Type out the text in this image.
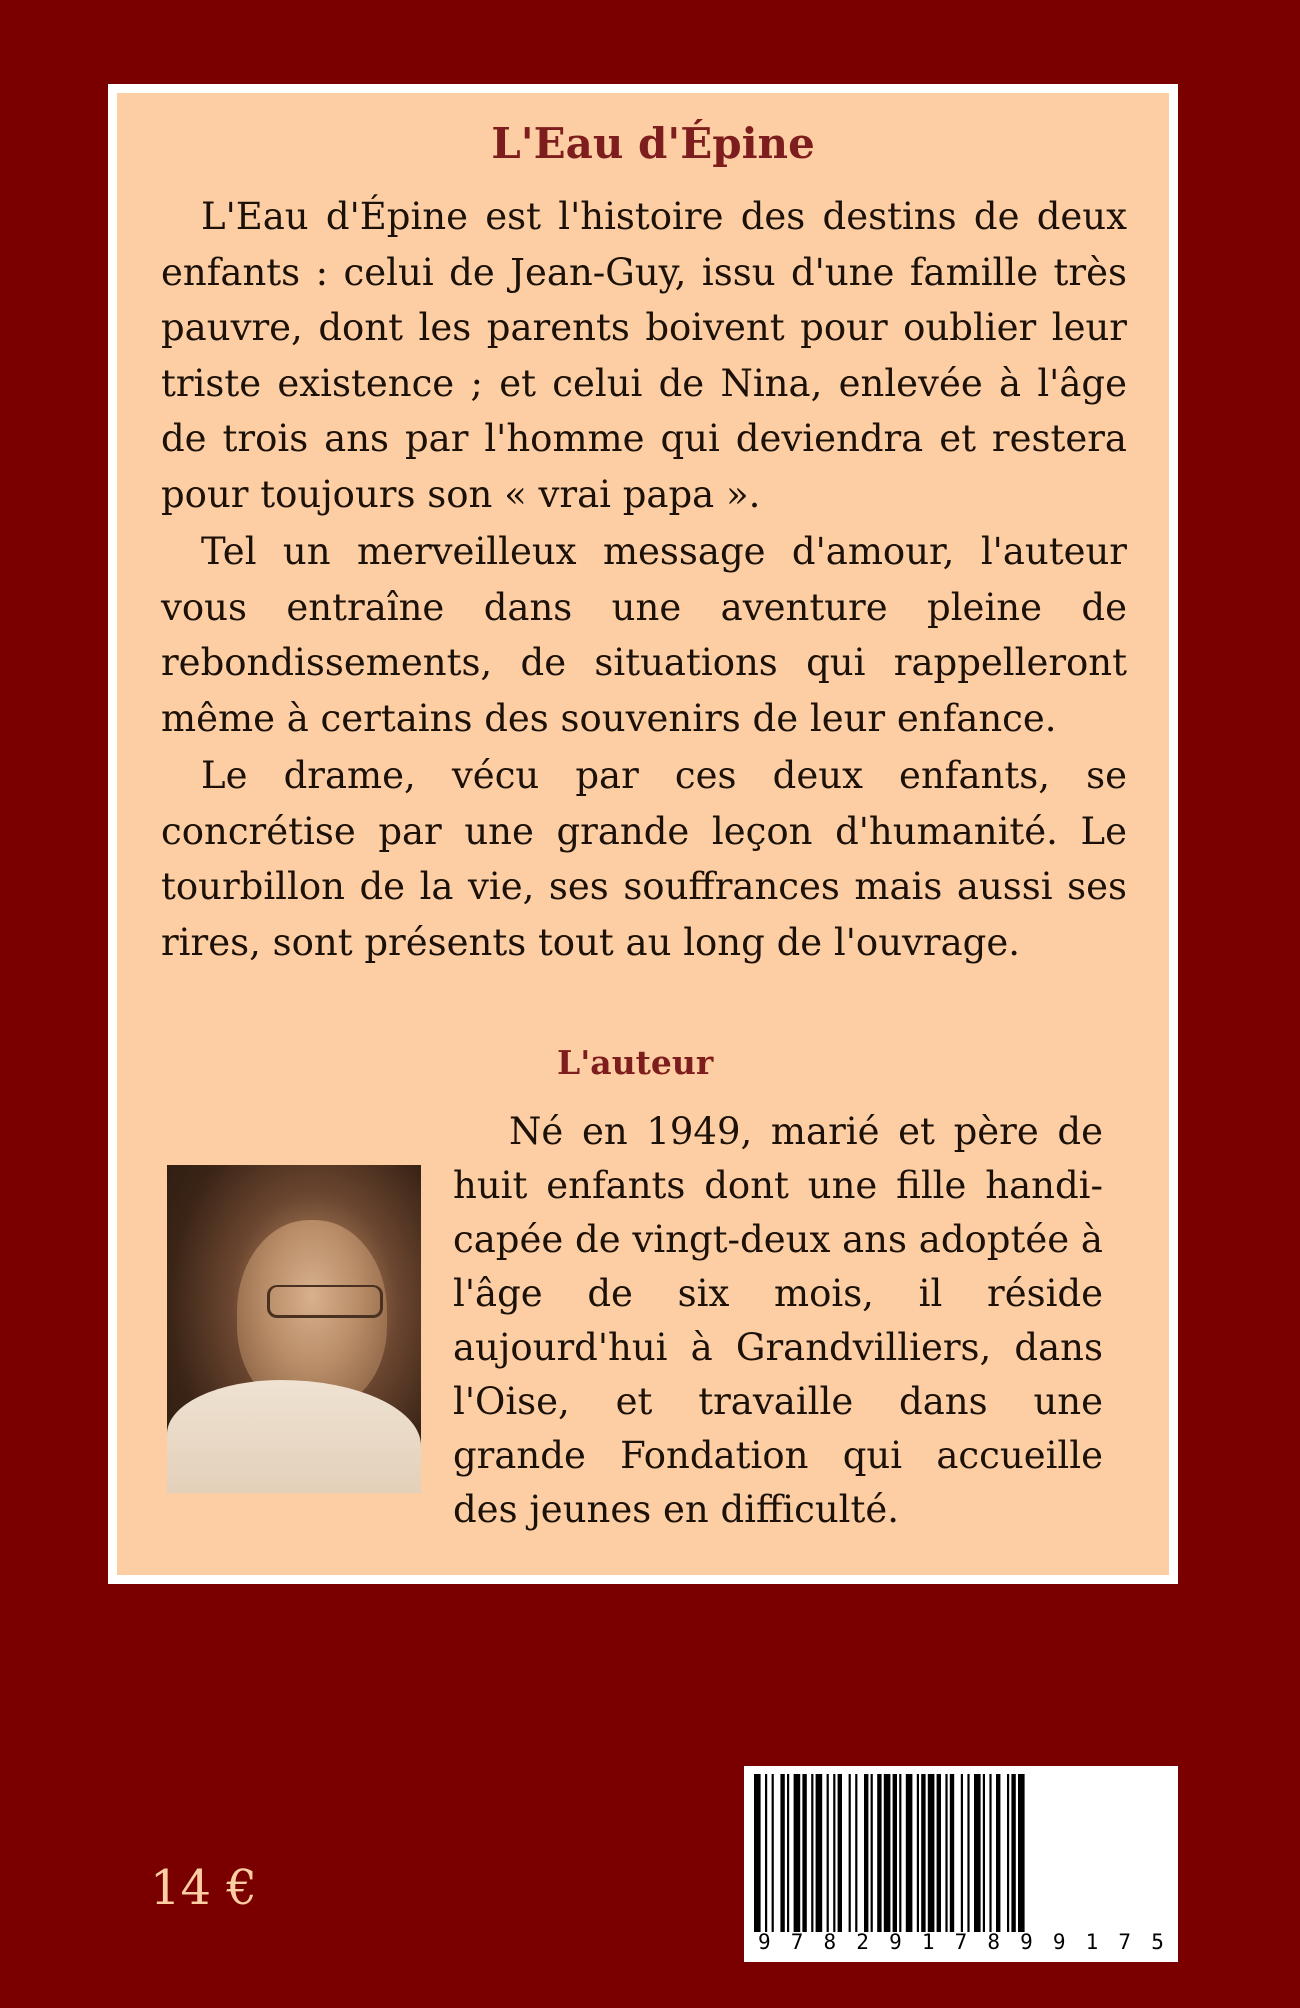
L'Eau d'Épine

L'Eau d'Épine est l'histoire des destins de deux enfants : celui de Jean-Guy, issu d'une famille très pauvre, dont les parents boivent pour oublier leur triste existence ; et celui de Nina, enlevée à l'âge de trois ans par l'homme qui deviendra et restera pour toujours son « vrai papa ».

Tel un merveilleux message d'amour, l'auteur vous entraîne dans une aventure pleine de rebondissements, de situations qui rappelleront même à certains des souvenirs de leur enfance.

Le drame, vécu par ces deux enfants, se concrétise par une grande leçon d'humanité. Le tourbillon de la vie, ses souffrances mais aussi ses rires, sont présents tout au long de l'ouvrage.

L'auteur

Né en 1949, marié et père de huit enfants dont une fille handi-capée de vingt-deux ans adoptée à l'âge de six mois, il réside aujourd'hui à Grandvilliers, dans l'Oise, et travaille dans une grande Fondation qui accueille des jeunes en difficulté.

14 €
9 7 8 2 9 1 7 8 9 9 1 7 5
